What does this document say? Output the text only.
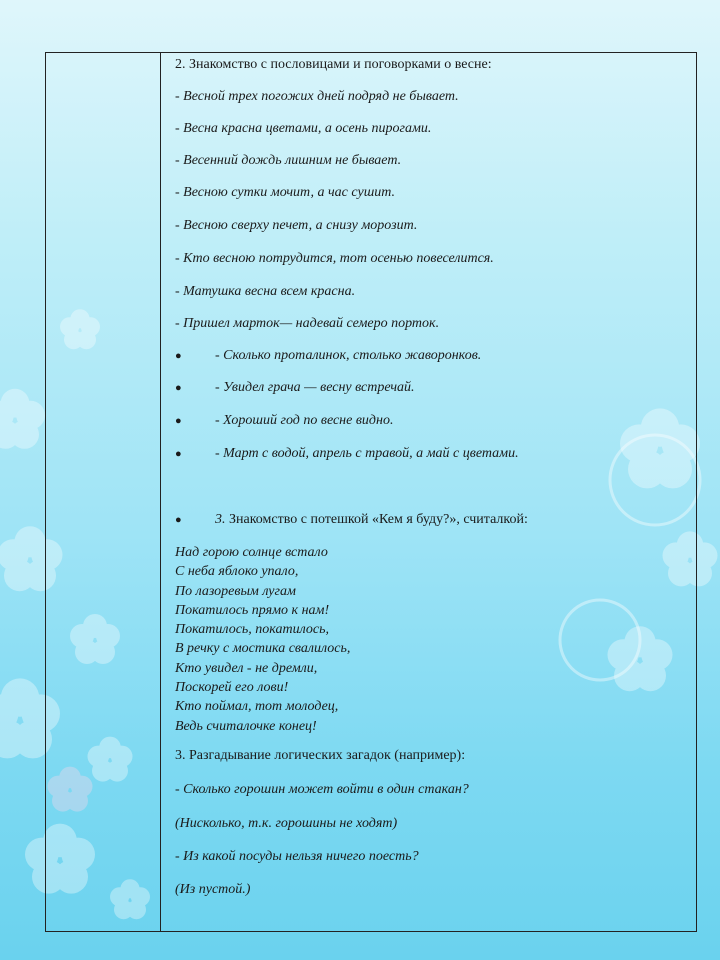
2. Знакомство с пословицами и поговорками о весне:
- Весной трех погожих дней подряд не бывает.
- Весна красна цветами, а осень пирогами.
- Весенний дождь лишним не бывает.
- Весною сутки мочит, а час сушит.
- Весною сверху печет, а снизу морозит.
- Кто весною потрудится, тот осенью повеселится.
- Матушка весна всем красна.
- Пришел марток— надевай семеро порток.
● - Сколько проталинок, столько жаворонков.
● - Увидел грача — весну встречай.
● - Хороший год по весне видно.
● - Март с водой, апрель с травой, а май с цветами.
● 3. Знакомство с потешкой «Кем я буду?», считалкой:
Над горою солнце встало
С неба яблоко упало,
По лазоревым лугам
Покатилось прямо к нам!
Покатилось, покатилось,
В речку с мостика свалилось,
Кто увидел - не дремли,
Поскорей его лови!
Кто поймал, тот молодец,
Ведь считалочке конец!
3. Разгадывание логических загадок (например):
- Сколько горошин может войти в один стакан?
(Нисколько, т.к. горошины не ходят)
- Из какой посуды нельзя ничего поесть?
(Из пустой.)
